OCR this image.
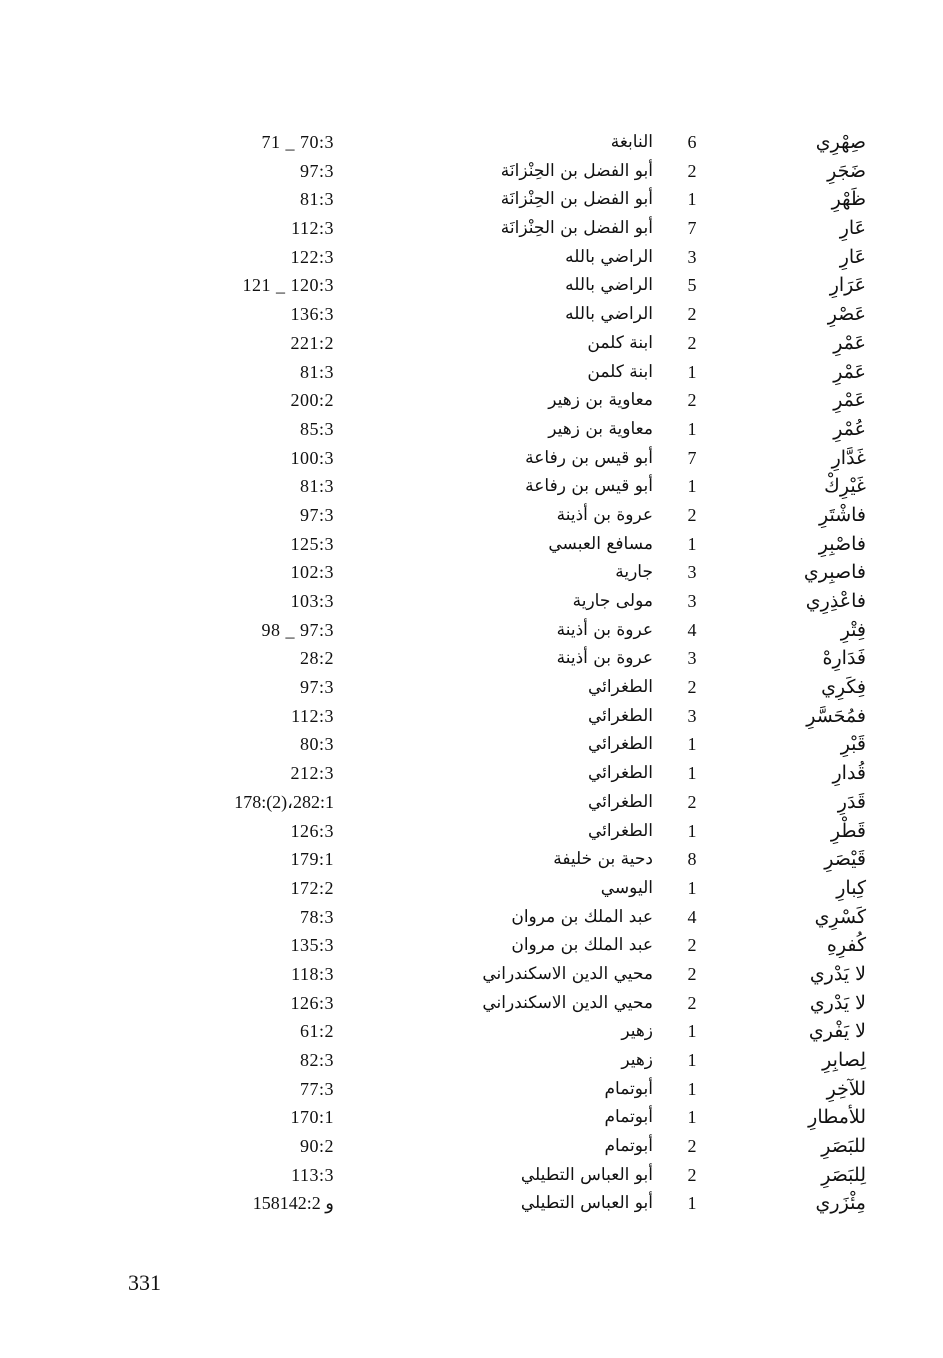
صِهْرِي
6
النابغة
71 _ 70:3
ضَجَرِ
2
أبو الفضل بن الحِنْزانَة
97:3
ظَهْرِ
1
أبو الفضل بن الحِنْزانَة
81:3
عَارِ
7
أبو الفضل بن الحِنْزانَة
112:3
عَارِ
3
الراضي بالله
122:3
عَرَارِ
5
الراضي بالله
121 _ 120:3
عَصْرِ
2
الراضي بالله
136:3
عَمْرِ
2
ابنة كلمن
221:2
عَمْرِ
1
ابنة كلمن
81:3
عَمْرِ
2
معاوية بن زهير
200:2
عُمْرِ
1
معاوية بن زهير
85:3
غَدَّارِ
7
أبو قيس بن رفاعة
100:3
غَيْرِكْ
1
أبو قيس بن رفاعة
81:3
فاشْتَرِ
2
عروة بن أذينة
97:3
فاصْبِرِ
1
مسافع العبسي
125:3
فاصبِري
3
جارية
102:3
فاعْذِرِي
3
مولى جارية
103:3
فِتْرِ
4
عروة بن أذينة
98 _ 97:3
فَدَارِهْ
3
عروة بن أذينة
28:2
فِكَرِي
2
الطغرائي
97:3
فمُحَسَّرِ
3
الطغرائي
112:3
قَبْرِ
1
الطغرائي
80:3
قُدارِ
1
الطغرائي
212:3
قَدَرِ
2
الطغرائي
178:(2)،282:1
قَطْرِ
1
الطغرائي
126:3
قَيْصَرِ
8
دحية بن خليفة
179:1
كِبارِ
1
اليوسي
172:2
كَسْرِي
4
عبد الملك بن مروان
78:3
كُفرِهِ
2
عبد الملك بن مروان
135:3
لا يَدْري
2
محيي الدين الاسكندراني
118:3
لا يَدْري
2
محيي الدين الاسكندراني
126:3
لا يَفْري
1
زهير
61:2
لِصابِرِ
1
زهير
82:3
للآخِرِ
1
أبوتمام
77:3
للأمطارِ
1
أبوتمام
170:1
للبَصَرِ
2
أبوتمام
90:2
لِلبَصَرِ
2
أبو العباس التطيلي
113:3
مِئْزَري
1
أبو العباس التطيلي
158و 142:2
331
